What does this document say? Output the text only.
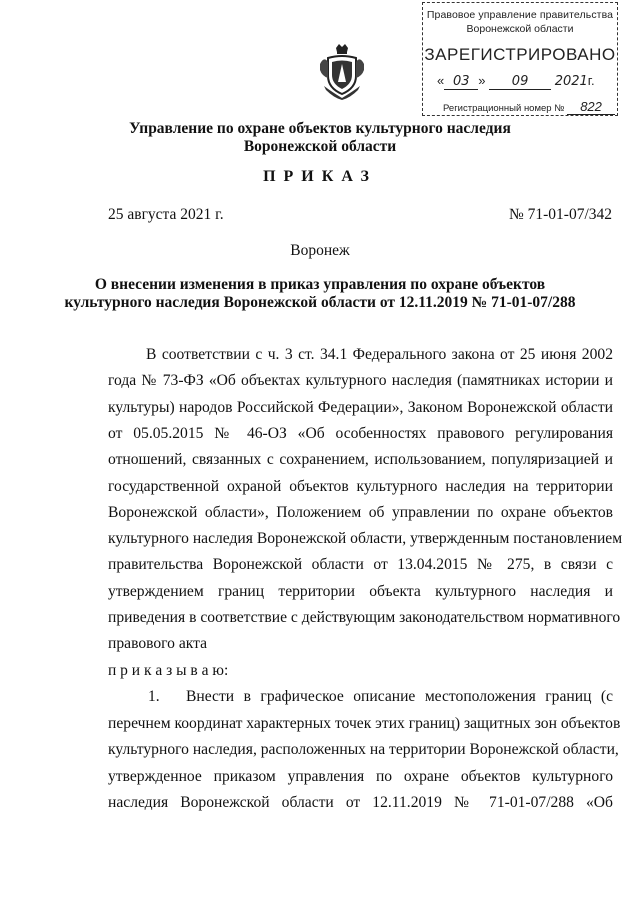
Правовое управление правительства
Воронежской области
ЗАРЕГИСТРИРОВАНО
« 03 » 09 2021г.
Регистрационный номер № 822
Управление по охране объектов культурного наследия
Воронежской области
ПРИКАЗ
25 августа 2021 г.	№ 71-01-07/342
Воронеж
О внесении изменения в приказ управления по охране объектов
культурного наследия Воронежской области от 12.11.2019 № 71-01-07/288
В соответствии с ч. 3 ст. 34.1 Федерального закона от 25 июня 2002
года № 73-ФЗ «Об объектах культурного наследия (памятниках истории и
культуры) народов Российской Федерации», Законом Воронежской области
от 05.05.2015 № 46-ОЗ «Об особенностях правового регулирования
отношений, связанных с сохранением, использованием, популяризацией и
государственной охраной объектов культурного наследия на территории
Воронежской области», Положением об управлении по охране объектов
культурного наследия Воронежской области, утвержденным постановлением
правительства Воронежской области от 13.04.2015 № 275, в связи с
утверждением границ территории объекта культурного наследия и
приведения в соответствие с действующим законодательством нормативного
правового акта
п р и к а з ы в а ю:
1. Внести в графическое описание местоположения границ (с
перечнем координат характерных точек этих границ) защитных зон объектов
культурного наследия, расположенных на территории Воронежской области,
утвержденное приказом управления по охране объектов культурного
наследия Воронежской области от 12.11.2019 № 71-01-07/288 «Об
